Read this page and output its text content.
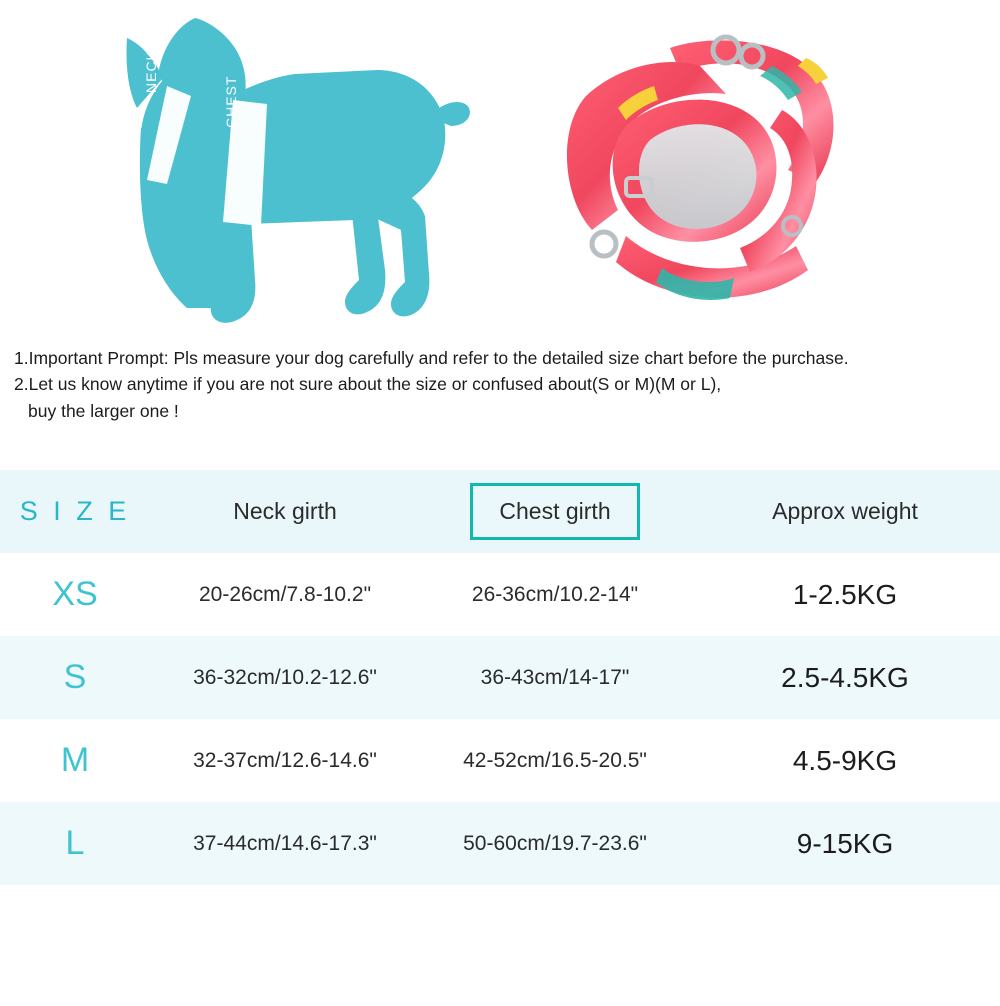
NECK
CHEST
1.Important Prompt: Pls measure your dog carefully and refer to the detailed size chart before the purchase.
2.Let us know anytime if you are not sure about the size or confused about(S or M)(M or L),
buy the larger one !
S I Z E	Neck girth	Chest girth	Approx weight
XS	20-26cm/7.8-10.2"	26-36cm/10.2-14"	1-2.5KG
S	36-32cm/10.2-12.6"	36-43cm/14-17"	2.5-4.5KG
M	32-37cm/12.6-14.6"	42-52cm/16.5-20.5"	4.5-9KG
L	37-44cm/14.6-17.3"	50-60cm/19.7-23.6"	9-15KG
